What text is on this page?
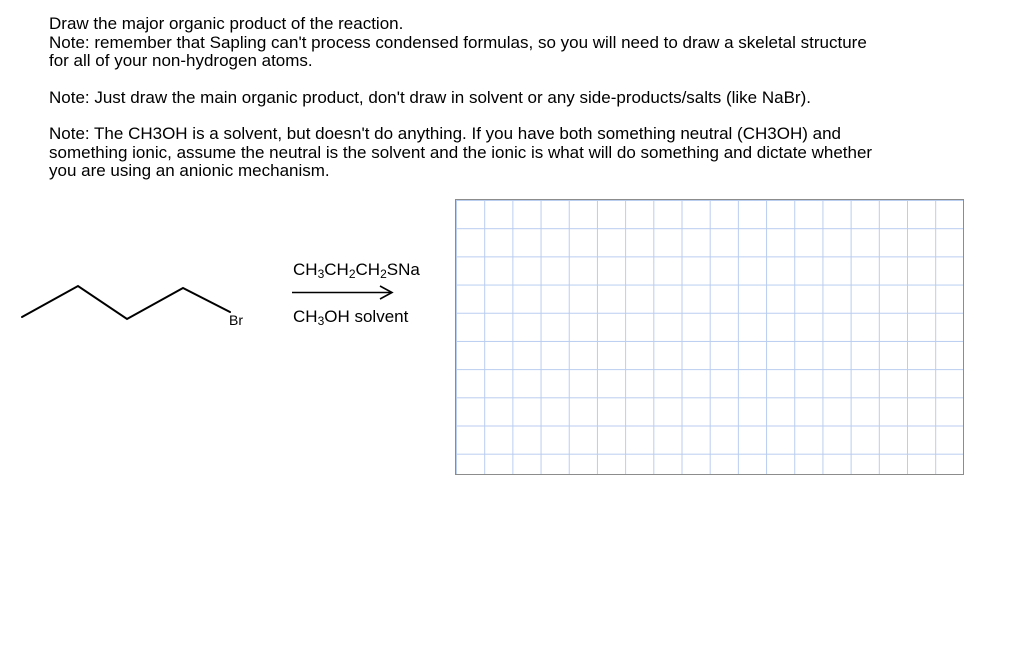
Draw the major organic product of the reaction.
Note: remember that Sapling can't process condensed formulas, so you will need to draw a skeletal structure
for all of your non-hydrogen atoms.
Note: Just draw the main organic product, don't draw in solvent or any side-products/salts (like NaBr).
Note: The CH3OH is a solvent, but doesn't do anything. If you have both something neutral (CH3OH) and
something ionic, assume the neutral is the solvent and the ionic is what will do something and dictate whether
you are using an anionic mechanism.
Br
$CH_3CH_2CH_2SNa$
$CH_3OH$ solvent
